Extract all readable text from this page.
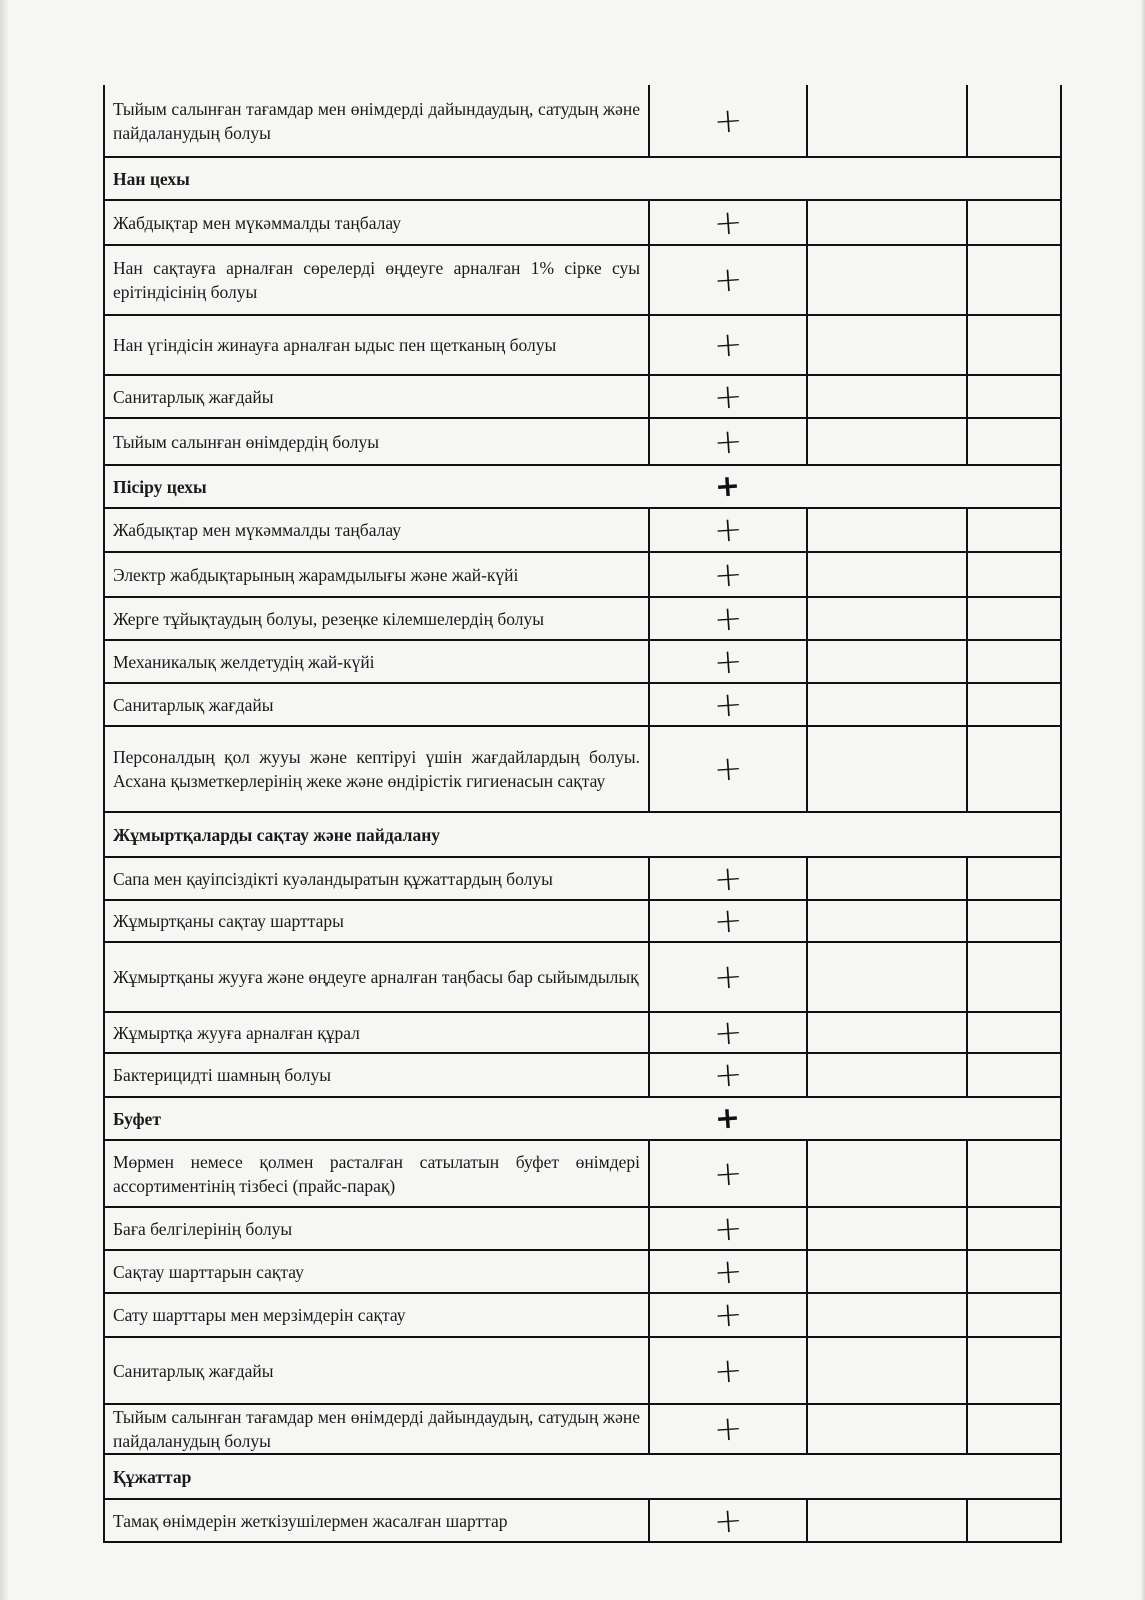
Тыйым салынған тағамдар мен өнімдерді дайындаудың, сатудың және пайдаланудың болуы	+		
Нан цехы			

Жабдықтар мен мүкәммалды таңбалау	+		
Нан сақтауға арналған сөрелерді өңдеуге арналған 1% сірке суы ерітіндісінің болуы	+		
Нан үгіндісін жинауға арналған ыдыс пен щетканың болуы	+		
Санитарлық жағдайы	+		
Тыйым салынған өнімдердің болуы	+		
Пісіру цехы +			

Жабдықтар мен мүкәммалды таңбалау	+		
Электр жабдықтарының жарамдылығы және жай-күйі	+		
Жерге тұйықтаудың болуы, резеңке кілемшелердің болуы	+		
Механикалық желдетудің жай-күйі	+		
Санитарлық жағдайы	+		
Персоналдың қол жууы және кептіруі үшін жағдайлардың болуы. Асхана қызметкерлерінің жеке және өндірістік гигиенасын сақтау	+		
Жұмыртқаларды сақтау және пайдалану			

Сапа мен қауіпсіздікті куәландыратын құжаттардың болуы	+		
Жұмыртқаны сақтау шарттары	+		
Жұмыртқаны жууға және өңдеуге арналған таңбасы бар сыйымдылық	+		
Жұмыртқа жууға арналған құрал	+		
Бактерицидті шамның болуы	+		
Буфет +			

Мөрмен немесе қолмен расталған сатылатын буфет өнімдері ассортиментінің тізбесі (прайс-парақ)	+		
Баға белгілерінің болуы	+		
Сақтау шарттарын сақтау	+		
Сату шарттары мен мерзімдерін сақтау	+		
Санитарлық жағдайы	+		
Тыйым салынған тағамдар мен өнімдерді дайындаудың, сатудың және пайдаланудың болуы	+		
Құжаттар			

Тамақ өнімдерін жеткізушілермен жасалған шарттар	+		
